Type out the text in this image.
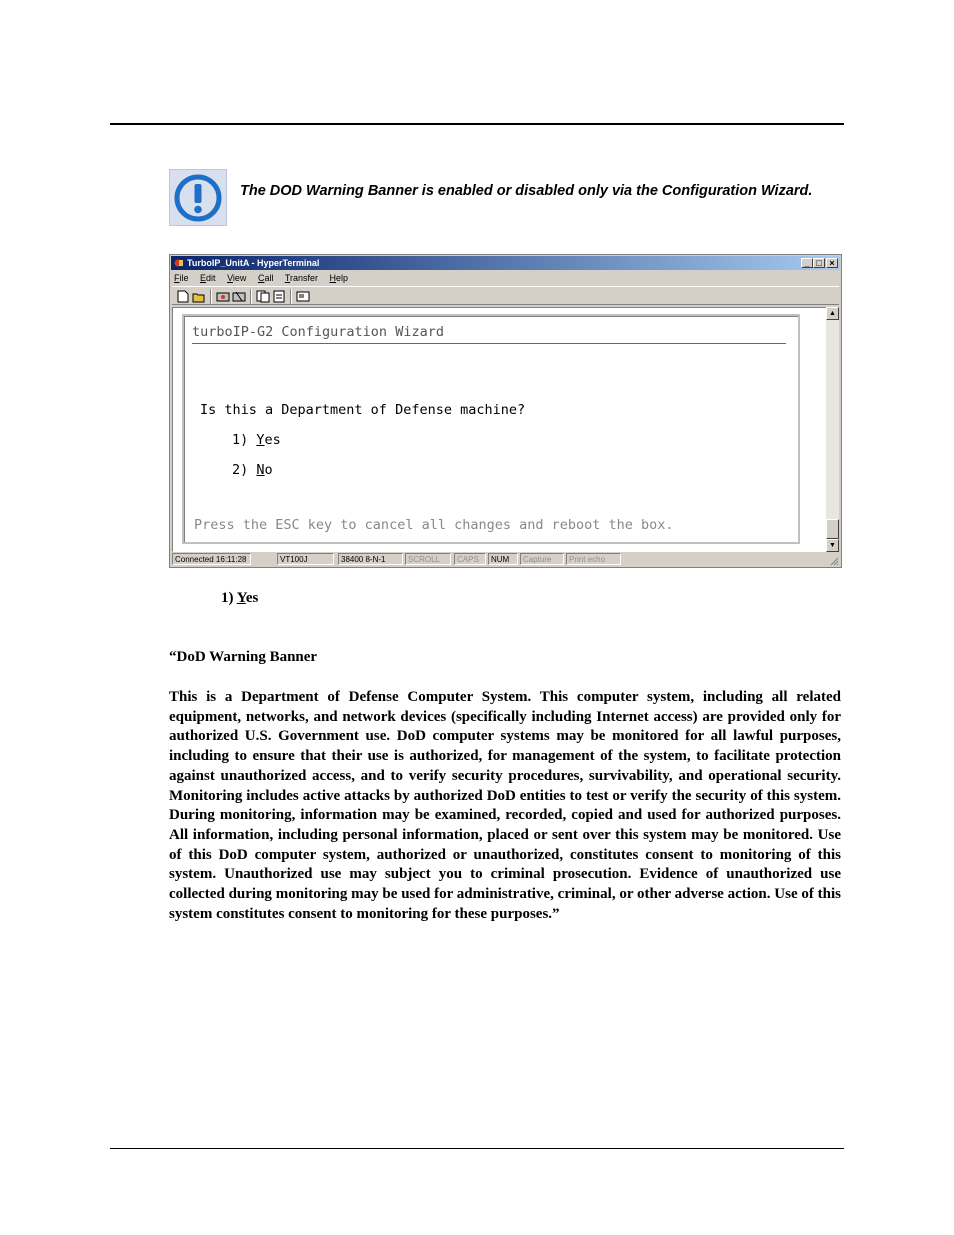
The DOD Warning Banner is enabled or disabled only via the Configuration Wizard.
TurboIP_UnitA - HyperTerminal	_ □ ×
File Edit View Call Transfer Help
turboIP-G2 Configuration Wizard
Is this a Department of Defense machine?
1) Yes
2) No
Press the ESC key to cancel all changes and reboot the box.
▲
▼
Connected 16:11:28	VT100J	38400 8-N-1	SCROLL	CAPS	NUM	Capture	Print echo
1) Yes
“DoD Warning Banner
This is a Department of Defense Computer System. This computer system, including all related equipment, networks, and network devices (specifically including Internet access) are provided only for authorized U.S. Government use. DoD computer systems may be monitored for all lawful purposes, including to ensure that their use is authorized, for management of the system, to facilitate protection against unauthorized access, and to verify security procedures, survivability, and operational security. Monitoring includes active attacks by authorized DoD entities to test or verify the security of this system. During monitoring, information may be examined, recorded, copied and used for authorized purposes. All information, including personal information, placed or sent over this system may be monitored. Use of this DoD computer system, authorized or unauthorized, constitutes consent to monitoring of this system. Unauthorized use may subject you to criminal prosecution. Evidence of unauthorized use collected during monitoring may be used for administrative, criminal, or other adverse action. Use of this system constitutes consent to monitoring for these purposes.”
